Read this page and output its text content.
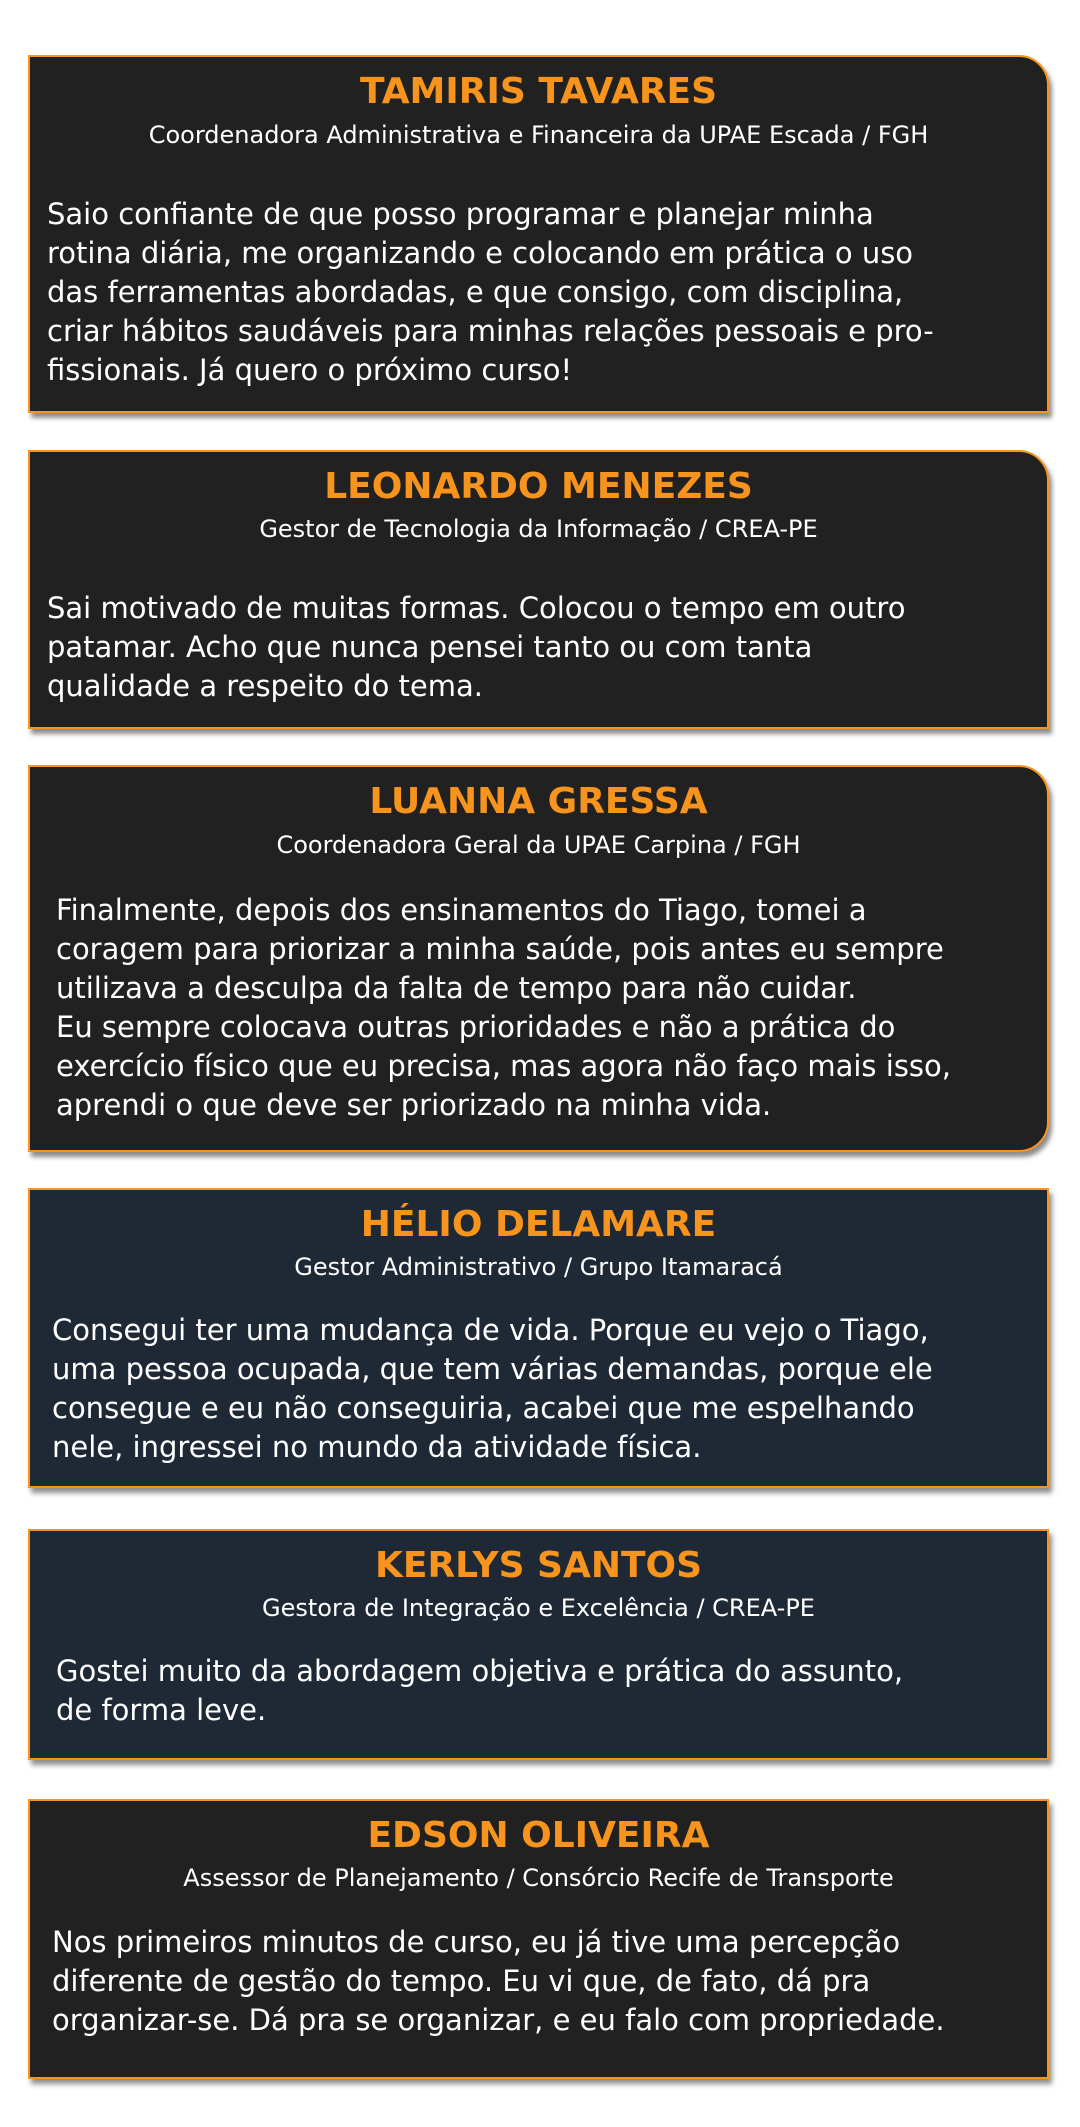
TAMIRIS TAVARES
Coordenadora Administrativa e Financeira da UPAE Escada / FGH
Saio confiante de que posso programar e planejar minha
rotina diária, me organizando e colocando em prática o uso
das ferramentas abordadas, e que consigo, com disciplina,
criar hábitos saudáveis para minhas relações pessoais e pro-
fissionais. Já quero o próximo curso!
LEONARDO MENEZES
Gestor de Tecnologia da Informação / CREA-PE
Sai motivado de muitas formas. Colocou o tempo em outro
patamar. Acho que nunca pensei tanto ou com tanta
qualidade a respeito do tema.
LUANNA GRESSA
Coordenadora Geral da UPAE Carpina / FGH
Finalmente, depois dos ensinamentos do Tiago, tomei a
coragem para priorizar a minha saúde, pois antes eu sempre
utilizava a desculpa da falta de tempo para não cuidar.
Eu sempre colocava outras prioridades e não a prática do
exercício físico que eu precisa, mas agora não faço mais isso,
aprendi o que deve ser priorizado na minha vida.
HÉLIO DELAMARE
Gestor Administrativo / Grupo Itamaracá
Consegui ter uma mudança de vida. Porque eu vejo o Tiago,
uma pessoa ocupada, que tem várias demandas, porque ele
consegue e eu não conseguiria, acabei que me espelhando
nele, ingressei no mundo da atividade física.
KERLYS SANTOS
Gestora de Integração e Excelência / CREA-PE
Gostei muito da abordagem objetiva e prática do assunto,
de forma leve.
EDSON OLIVEIRA
Assessor de Planejamento / Consórcio Recife de Transporte
Nos primeiros minutos de curso, eu já tive uma percepção
diferente de gestão do tempo. Eu vi que, de fato, dá pra
organizar-se. Dá pra se organizar, e eu falo com propriedade.
